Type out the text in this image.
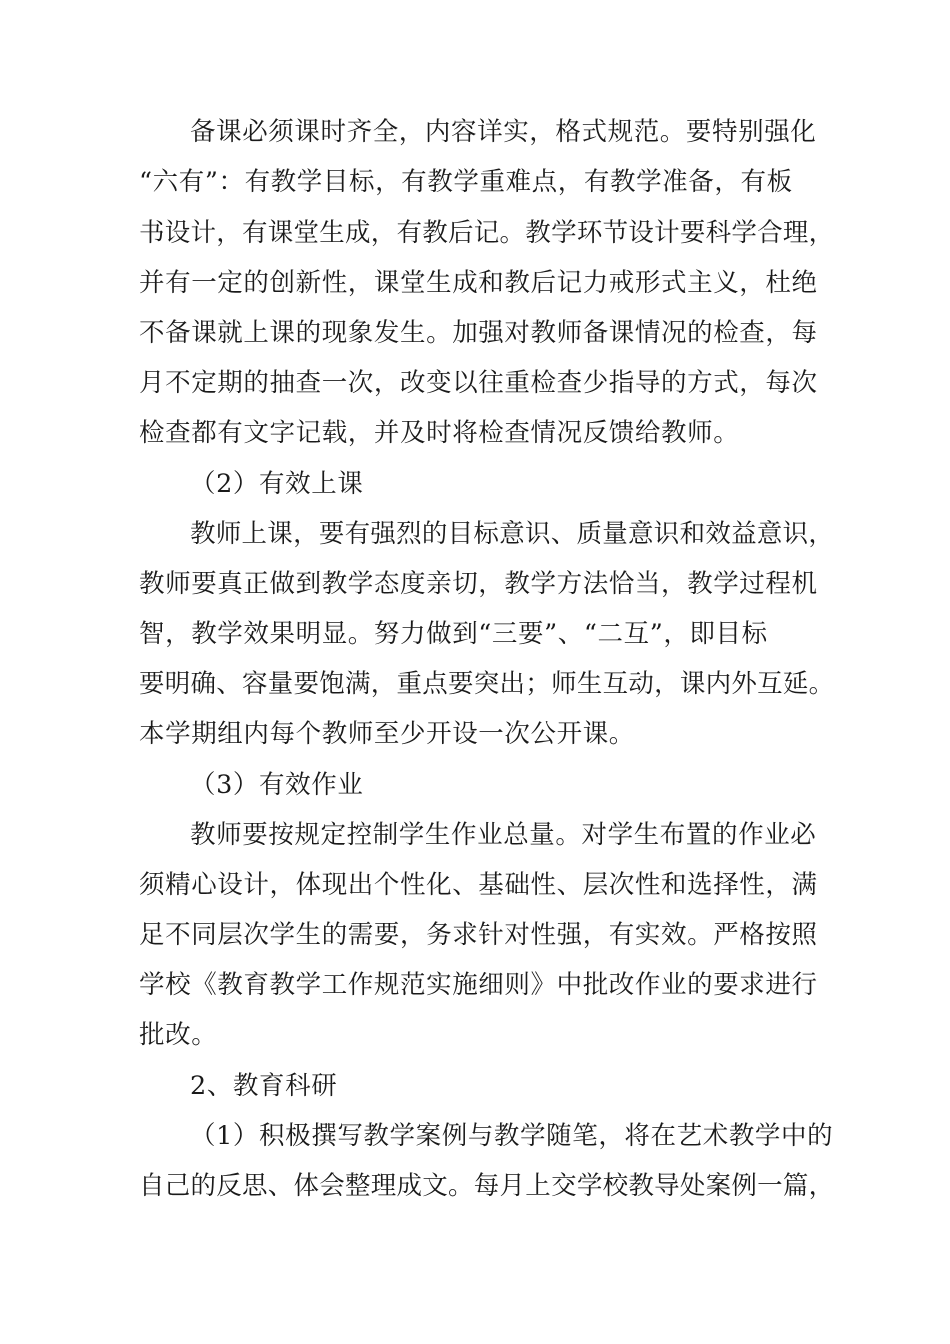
备课必须课时齐全，内容详实，格式规范。要特别强化
“六有”：有教学目标，有教学重难点，有教学准备，有板
书设计，有课堂生成，有教后记。教学环节设计要科学合理，
并有一定的创新性，课堂生成和教后记力戒形式主义，杜绝
不备课就上课的现象发生。加强对教师备课情况的检查，每
月不定期的抽查一次，改变以往重检查少指导的方式，每次
检查都有文字记载，并及时将检查情况反馈给教师。
（2）有效上课
教师上课，要有强烈的目标意识、质量意识和效益意识，
教师要真正做到教学态度亲切，教学方法恰当，教学过程机
智，教学效果明显。努力做到“三要”、“二互”，即目标
要明确、容量要饱满，重点要突出；师生互动，课内外互延。
本学期组内每个教师至少开设一次公开课。
（3）有效作业
教师要按规定控制学生作业总量。对学生布置的作业必
须精心设计，体现出个性化、基础性、层次性和选择性，满
足不同层次学生的需要，务求针对性强，有实效。严格按照
学校《教育教学工作规范实施细则》中批改作业的要求进行
批改。
2、教育科研
（1）积极撰写教学案例与教学随笔，将在艺术教学中的
自己的反思、体会整理成文。每月上交学校教导处案例一篇，
